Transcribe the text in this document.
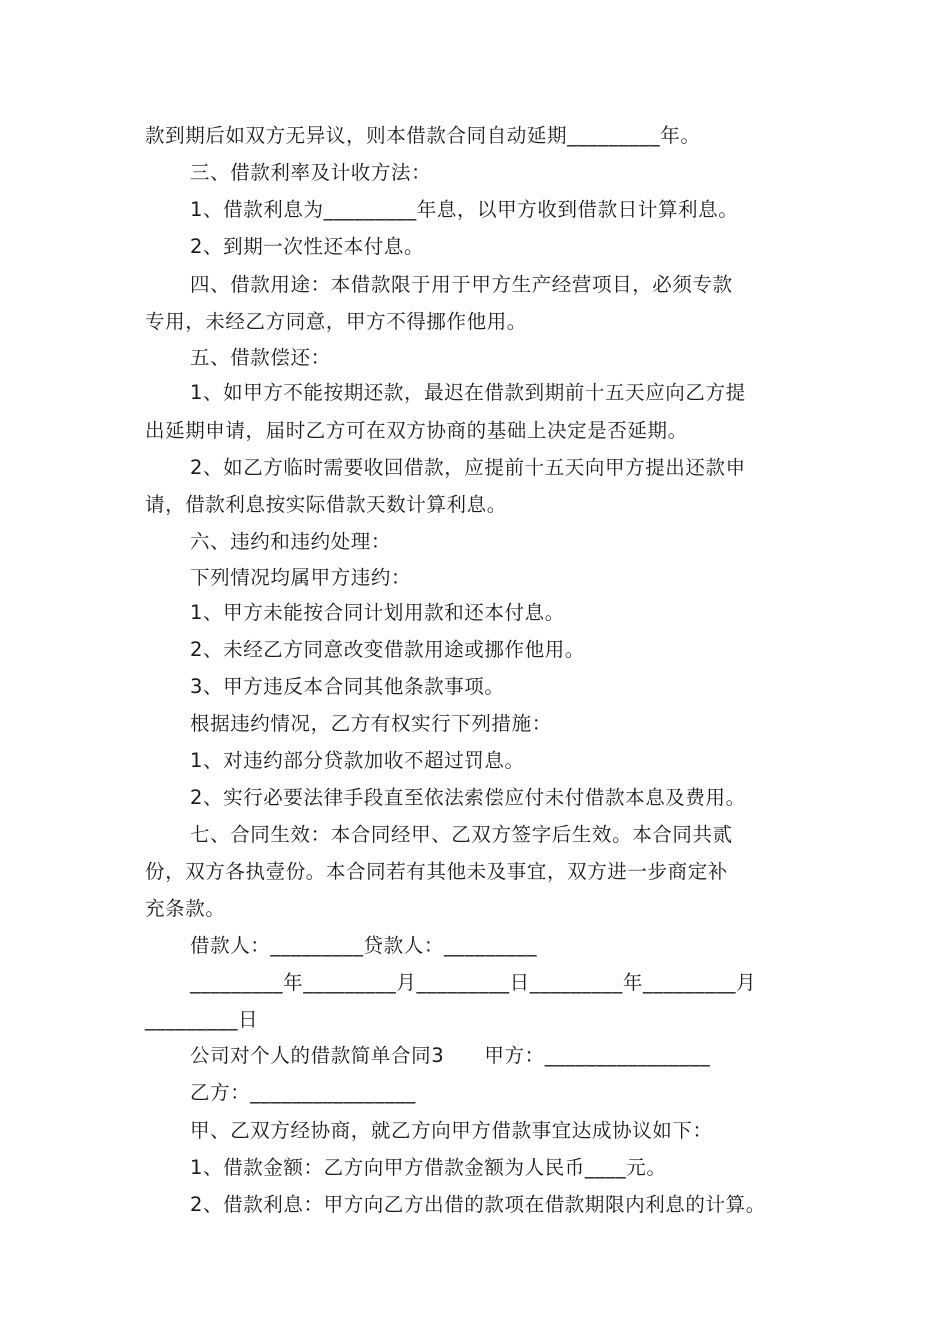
款到期后如双方无异议，则本借款合同自动延期_________年。
三、借款利率及计收方法：
1、借款利息为_________年息，以甲方收到借款日计算利息。
2、到期一次性还本付息。
四、借款用途：本借款限于用于甲方生产经营项目，必须专款
专用，未经乙方同意，甲方不得挪作他用。
五、借款偿还：
1、如甲方不能按期还款，最迟在借款到期前十五天应向乙方提
出延期申请，届时乙方可在双方协商的基础上决定是否延期。
2、如乙方临时需要收回借款，应提前十五天向甲方提出还款申
请，借款利息按实际借款天数计算利息。
六、违约和违约处理：
下列情况均属甲方违约：
1、甲方未能按合同计划用款和还本付息。
2、未经乙方同意改变借款用途或挪作他用。
3、甲方违反本合同其他条款事项。
根据违约情况，乙方有权实行下列措施：
1、对违约部分贷款加收不超过罚息。
2、实行必要法律手段直至依法索偿应付未付借款本息及费用。
七、合同生效：本合同经甲、乙双方签字后生效。本合同共贰
份，双方各执壹份。本合同若有其他未及事宜，双方进一步商定补
充条款。
借款人：_________贷款人：_________
_________年_________月_________日_________年_________月
_________日
公司对个人的借款简单合同3　　甲方：________________
乙方：________________
甲、乙双方经协商，就乙方向甲方借款事宜达成协议如下：
1、借款金额：乙方向甲方借款金额为人民币____元。
2、借款利息：甲方向乙方出借的款项在借款期限内利息的计算。
